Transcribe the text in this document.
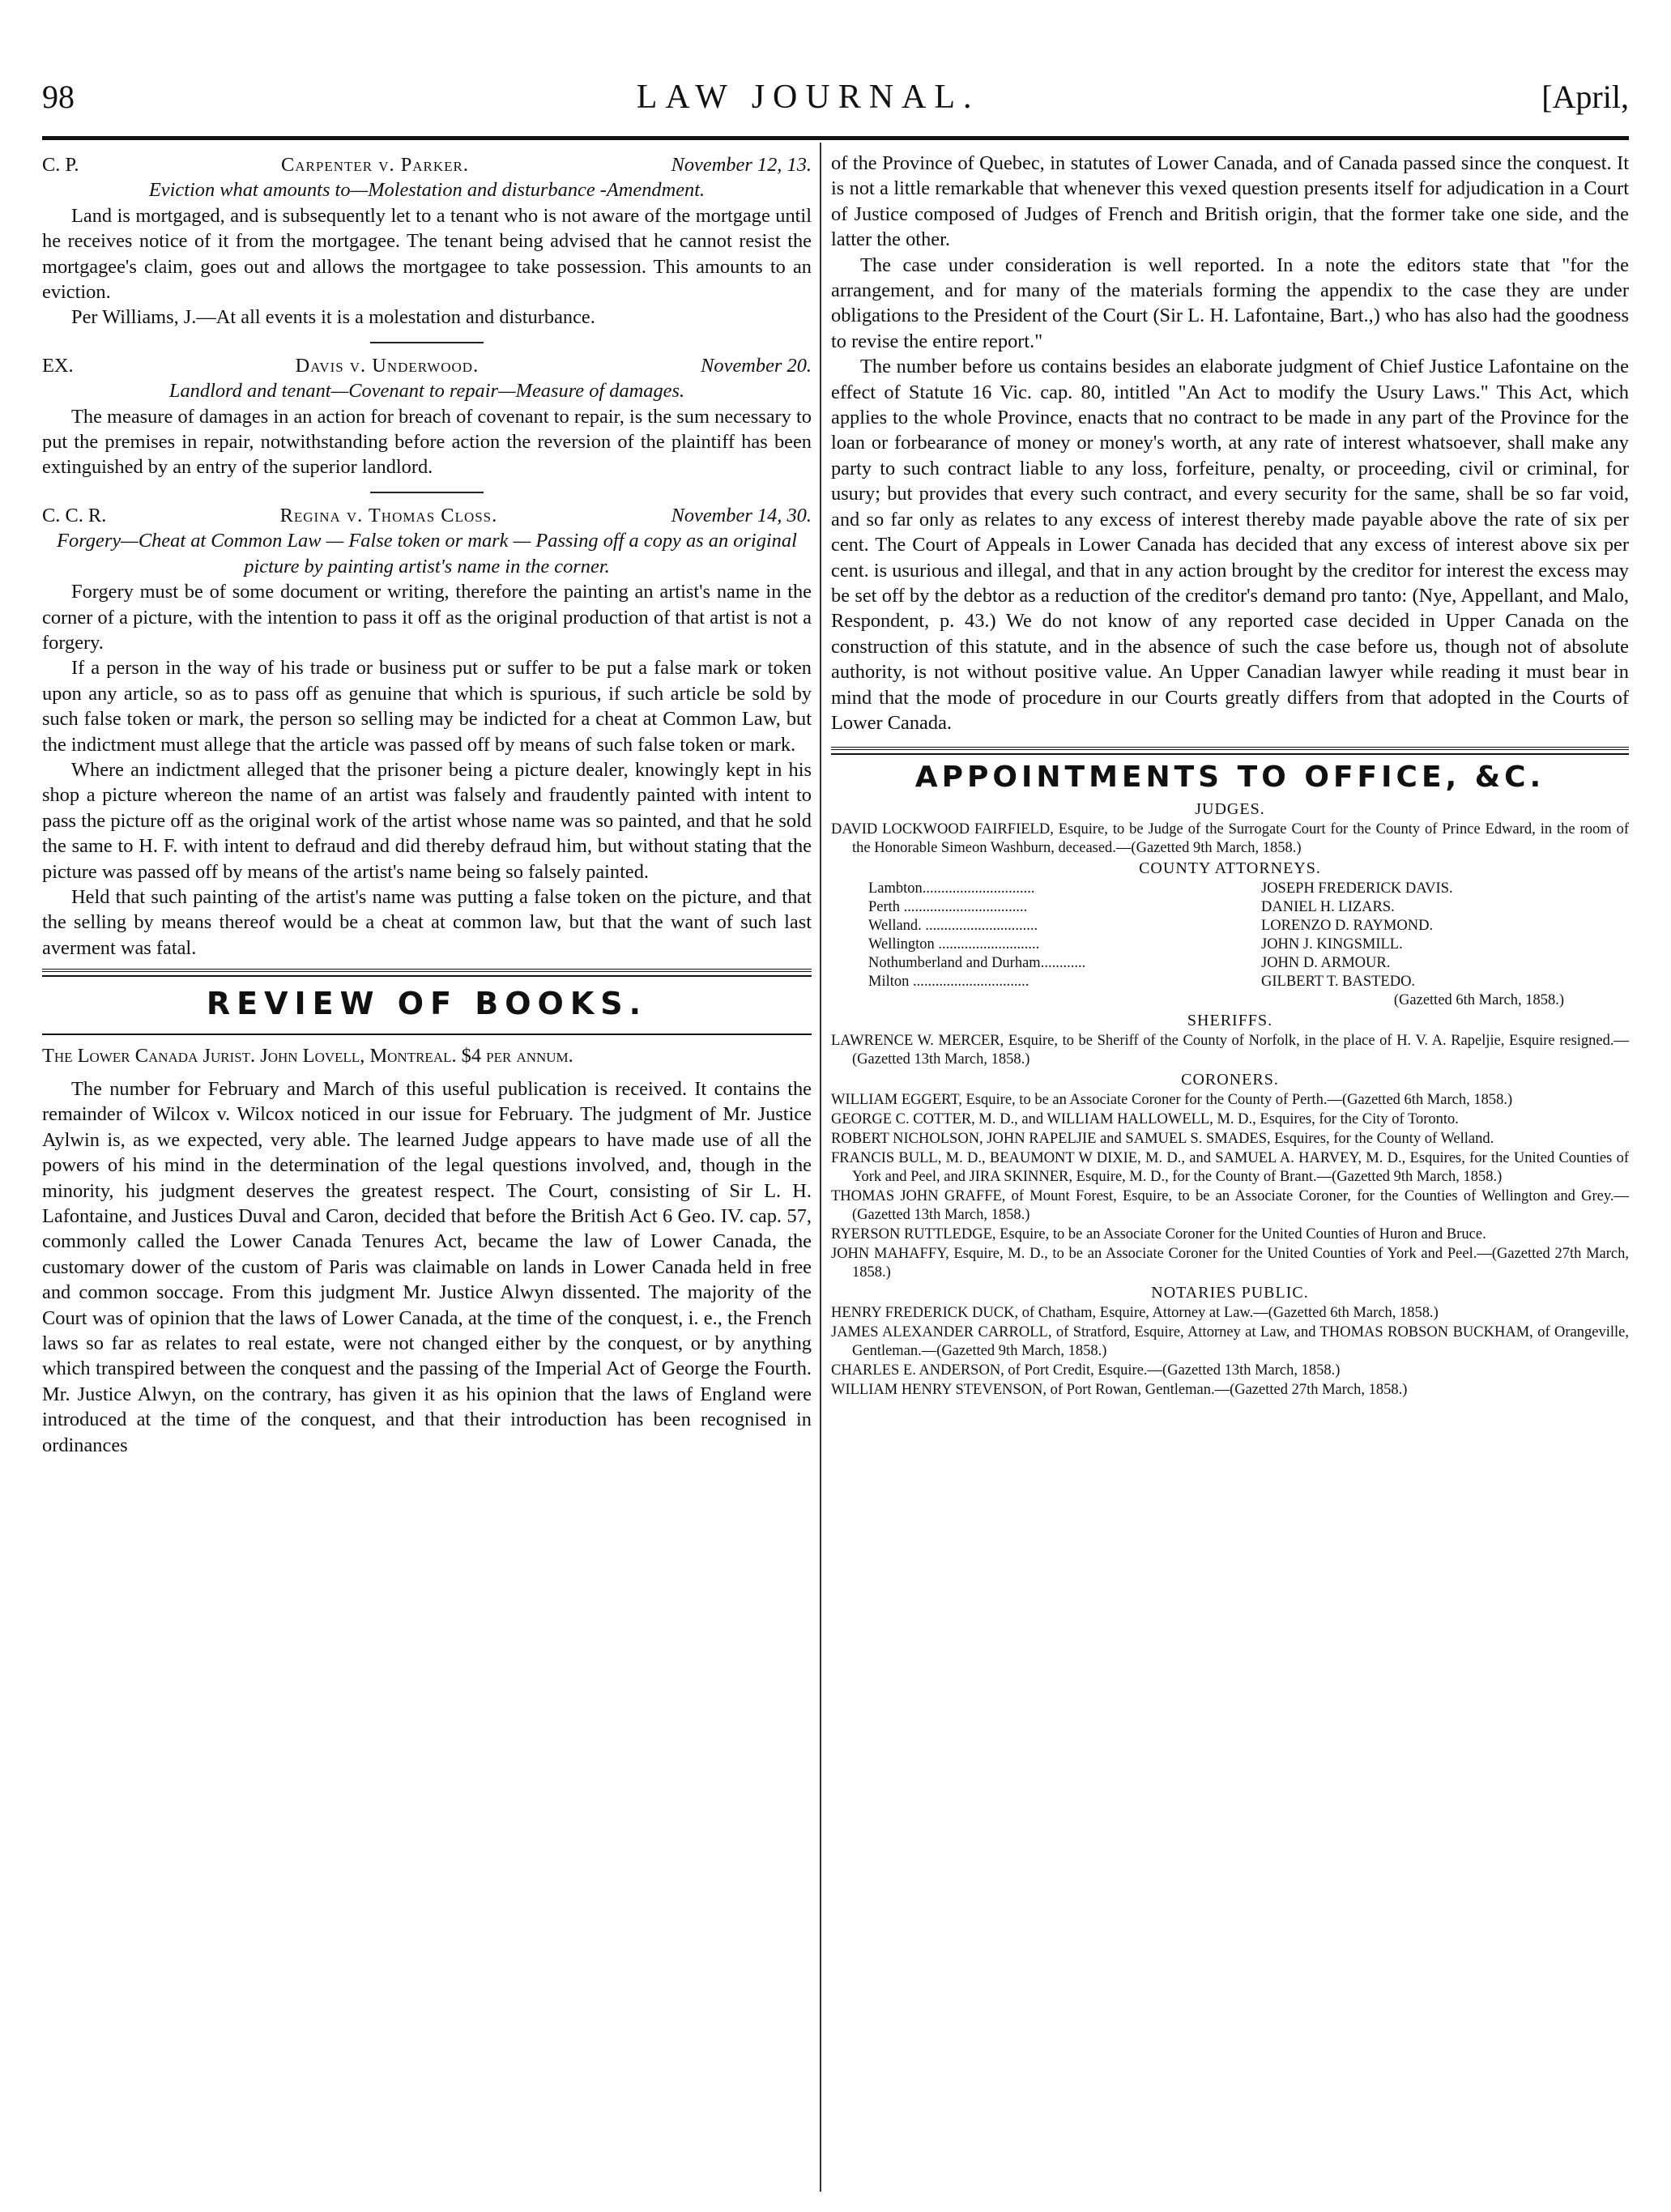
98	LAW JOURNAL.	[April,
C. P.	Carpenter v. Parker.	November 12, 13.

Eviction what amounts to—Molestation and disturbance -Amendment.

Land is mortgaged, and is subsequently let to a tenant who is not aware of the mortgage until he receives notice of it from the mortgagee. The tenant being advised that he cannot resist the mortgagee's claim, goes out and allows the mortgagee to take possession. This amounts to an eviction.

Per Williams, J.—At all events it is a molestation and disturbance.

EX.	Davis v. Underwood.	November 20.

Landlord and tenant—Covenant to repair—Measure of damages.

The measure of damages in an action for breach of covenant to repair, is the sum necessary to put the premises in repair, notwithstanding before action the reversion of the plaintiff has been extinguished by an entry of the superior landlord.

C. C. R.	Regina v. Thomas Closs.	November 14, 30.

Forgery—Cheat at Common Law — False token or mark — Passing off a copy as an original picture by painting artist's name in the corner.

Forgery must be of some document or writing, therefore the painting an artist's name in the corner of a picture, with the intention to pass it off as the original production of that artist is not a forgery.

If a person in the way of his trade or business put or suffer to be put a false mark or token upon any article, so as to pass off as genuine that which is spurious, if such article be sold by such false token or mark, the person so selling may be indicted for a cheat at Common Law, but the indictment must allege that the article was passed off by means of such false token or mark.

Where an indictment alleged that the prisoner being a picture dealer, knowingly kept in his shop a picture whereon the name of an artist was falsely and fraudently painted with intent to pass the picture off as the original work of the artist whose name was so painted, and that he sold the same to H. F. with intent to defraud and did thereby defraud him, but without stating that the picture was passed off by means of the artist's name being so falsely painted.

Held that such painting of the artist's name was putting a false token on the picture, and that the selling by means thereof would be a cheat at common law, but that the want of such last averment was fatal.

REVIEW OF BOOKS.

The Lower Canada Jurist. John Lovell, Montreal. $4 per annum.

The number for February and March of this useful publication is received. It contains the remainder of Wilcox v. Wilcox noticed in our issue for February. The judgment of Mr. Justice Aylwin is, as we expected, very able. The learned Judge appears to have made use of all the powers of his mind in the determination of the legal questions involved, and, though in the minority, his judgment deserves the greatest respect. The Court, consisting of Sir L. H. Lafontaine, and Justices Duval and Caron, decided that before the British Act 6 Geo. IV. cap. 57, commonly called the Lower Canada Tenures Act, became the law of Lower Canada, the customary dower of the custom of Paris was claimable on lands in Lower Canada held in free and common soccage. From this judgment Mr. Justice Alwyn dissented. The majority of the Court was of opinion that the laws of Lower Canada, at the time of the conquest, i. e., the French laws so far as relates to real estate, were not changed either by the conquest, or by anything which transpired between the conquest and the passing of the Imperial Act of George the Fourth. Mr. Justice Alwyn, on the contrary, has given it as his opinion that the laws of England were introduced at the time of the conquest, and that their introduction has been recognised in ordinances

of the Province of Quebec, in statutes of Lower Canada, and of Canada passed since the conquest. It is not a little remarkable that whenever this vexed question presents itself for adjudication in a Court of Justice composed of Judges of French and British origin, that the former take one side, and the latter the other.

The case under consideration is well reported. In a note the editors state that "for the arrangement, and for many of the materials forming the appendix to the case they are under obligations to the President of the Court (Sir L. H. Lafontaine, Bart.,) who has also had the goodness to revise the entire report."

The number before us contains besides an elaborate judgment of Chief Justice Lafontaine on the effect of Statute 16 Vic. cap. 80, intitled "An Act to modify the Usury Laws." This Act, which applies to the whole Province, enacts that no contract to be made in any part of the Province for the loan or forbearance of money or money's worth, at any rate of interest whatsoever, shall make any party to such contract liable to any loss, forfeiture, penalty, or proceeding, civil or criminal, for usury; but provides that every such contract, and every security for the same, shall be so far void, and so far only as relates to any excess of interest thereby made payable above the rate of six per cent. The Court of Appeals in Lower Canada has decided that any excess of interest above six per cent. is usurious and illegal, and that in any action brought by the creditor for interest the excess may be set off by the debtor as a reduction of the creditor's demand pro tanto: (Nye, Appellant, and Malo, Respondent, p. 43.) We do not know of any reported case decided in Upper Canada on the construction of this statute, and in the absence of such the case before us, though not of absolute authority, is not without positive value. An Upper Canadian lawyer while reading it must bear in mind that the mode of procedure in our Courts greatly differs from that adopted in the Courts of Lower Canada.

APPOINTMENTS TO OFFICE, &C.
JUDGES.
DAVID LOCKWOOD FAIRFIELD, Esquire, to be Judge of the Surrogate Court for the County of Prince Edward, in the room of the Honorable Simeon Washburn, deceased.—(Gazetted 9th March, 1858.)
COUNTY ATTORNEYS.
Lambton..............................	JOSEPH FREDERICK DAVIS.
Perth .................................	DANIEL H. LIZARS.
Welland. ..............................	LORENZO D. RAYMOND.
Wellington ...........................	JOHN J. KINGSMILL.
Nothumberland and Durham............	JOHN D. ARMOUR.
Milton ...............................	GILBERT T. BASTEDO.
(Gazetted 6th March, 1858.)
SHERIFFS.
LAWRENCE W. MERCER, Esquire, to be Sheriff of the County of Norfolk, in the place of H. V. A. Rapeljie, Esquire resigned.—(Gazetted 13th March, 1858.)
CORONERS.
WILLIAM EGGERT, Esquire, to be an Associate Coroner for the County of Perth.—(Gazetted 6th March, 1858.)
GEORGE C. COTTER, M. D., and WILLIAM HALLOWELL, M. D., Esquires, for the City of Toronto.
ROBERT NICHOLSON, JOHN RAPELJIE and SAMUEL S. SMADES, Esquires, for the County of Welland.
FRANCIS BULL, M. D., BEAUMONT W DIXIE, M. D., and SAMUEL A. HARVEY, M. D., Esquires, for the United Counties of York and Peel, and JIRA SKINNER, Esquire, M. D., for the County of Brant.—(Gazetted 9th March, 1858.)
THOMAS JOHN GRAFFE, of Mount Forest, Esquire, to be an Associate Coroner, for the Counties of Wellington and Grey.—(Gazetted 13th March, 1858.)
RYERSON RUTTLEDGE, Esquire, to be an Associate Coroner for the United Counties of Huron and Bruce.
JOHN MAHAFFY, Esquire, M. D., to be an Associate Coroner for the United Counties of York and Peel.—(Gazetted 27th March, 1858.)
NOTARIES PUBLIC.
HENRY FREDERICK DUCK, of Chatham, Esquire, Attorney at Law.—(Gazetted 6th March, 1858.)
JAMES ALEXANDER CARROLL, of Stratford, Esquire, Attorney at Law, and THOMAS ROBSON BUCKHAM, of Orangeville, Gentleman.—(Gazetted 9th March, 1858.)
CHARLES E. ANDERSON, of Port Credit, Esquire.—(Gazetted 13th March, 1858.)
WILLIAM HENRY STEVENSON, of Port Rowan, Gentleman.—(Gazetted 27th March, 1858.)
